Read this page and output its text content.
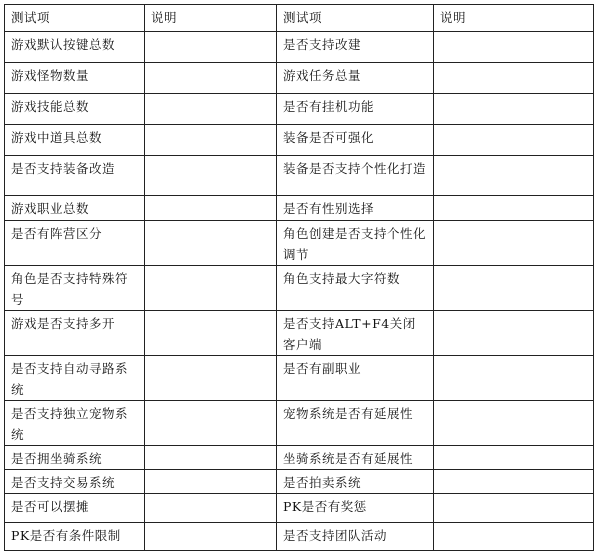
测试项	说明	测试项	说明
游戏默认按键总数		是否支持改建	
游戏怪物数量		游戏任务总量	
游戏技能总数		是否有挂机功能	
游戏中道具总数		装备是否可强化	
是否支持装备改造		装备是否支持个性化打造	
游戏职业总数		是否有性别选择	
是否有阵营区分		角色创建是否支持个性化调节	
角色是否支持特殊符号		角色支持最大字符数	
游戏是否支持多开		是否支持ALT+F4关闭客户端	
是否支持自动寻路系统		是否有副职业	
是否支持独立宠物系统		宠物系统是否有延展性	
是否拥坐骑系统		坐骑系统是否有延展性	
是否支持交易系统		是否拍卖系统	
是否可以摆摊		PK是否有奖惩	
PK是否有条件限制		是否支持团队活动	
